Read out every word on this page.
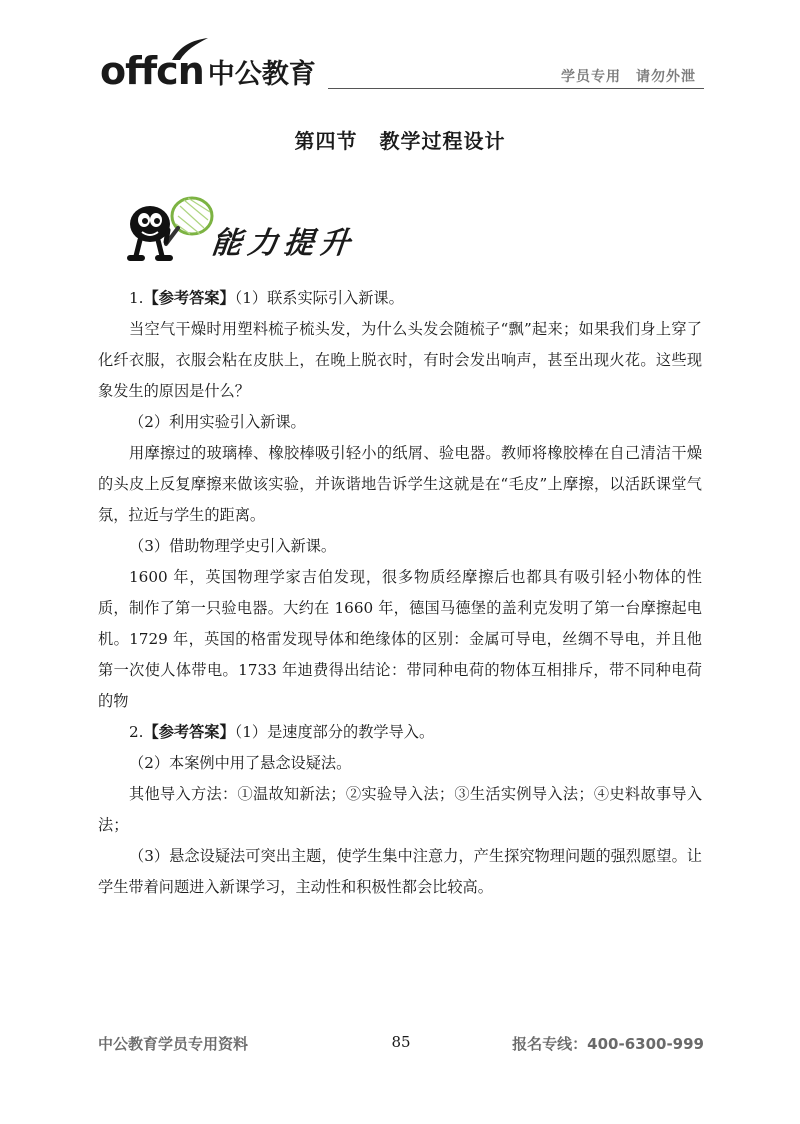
offcn 中公教育	学员专用　请勿外泄
第四节 教学过程设计
能力提升

1.【参考答案】（1）联系实际引入新课。

当空气干燥时用塑料梳子梳头发，为什么头发会随梳子“飘”起来；如果我们身上穿了化纤衣服，衣服会粘在皮肤上，在晚上脱衣时，有时会发出响声，甚至出现火花。这些现象发生的原因是什么？

（2）利用实验引入新课。

用摩擦过的玻璃棒、橡胶棒吸引轻小的纸屑、验电器。教师将橡胶棒在自己清洁干燥的头皮上反复摩擦来做该实验，并诙谐地告诉学生这就是在“毛皮”上摩擦，以活跃课堂气氛，拉近与学生的距离。

（3）借助物理学史引入新课。

1600 年，英国物理学家吉伯发现，很多物质经摩擦后也都具有吸引轻小物体的性质，制作了第一只验电器。大约在 1660 年，德国马德堡的盖利克发明了第一台摩擦起电机。1729 年，英国的格雷发现导体和绝缘体的区别：金属可导电，丝绸不导电，并且他第一次使人体带电。1733 年迪费得出结论：带同种电荷的物体互相排斥，带不同种电荷的物

2.【参考答案】（1）是速度部分的教学导入。

（2）本案例中用了悬念设疑法。

其他导入方法：①温故知新法；②实验导入法；③生活实例导入法；④史料故事导入法；

（3）悬念设疑法可突出主题，使学生集中注意力，产生探究物理问题的强烈愿望。让学生带着问题进入新课学习，主动性和积极性都会比较高。

中公教育学员专用资料	85	报名专线：400-6300-999
